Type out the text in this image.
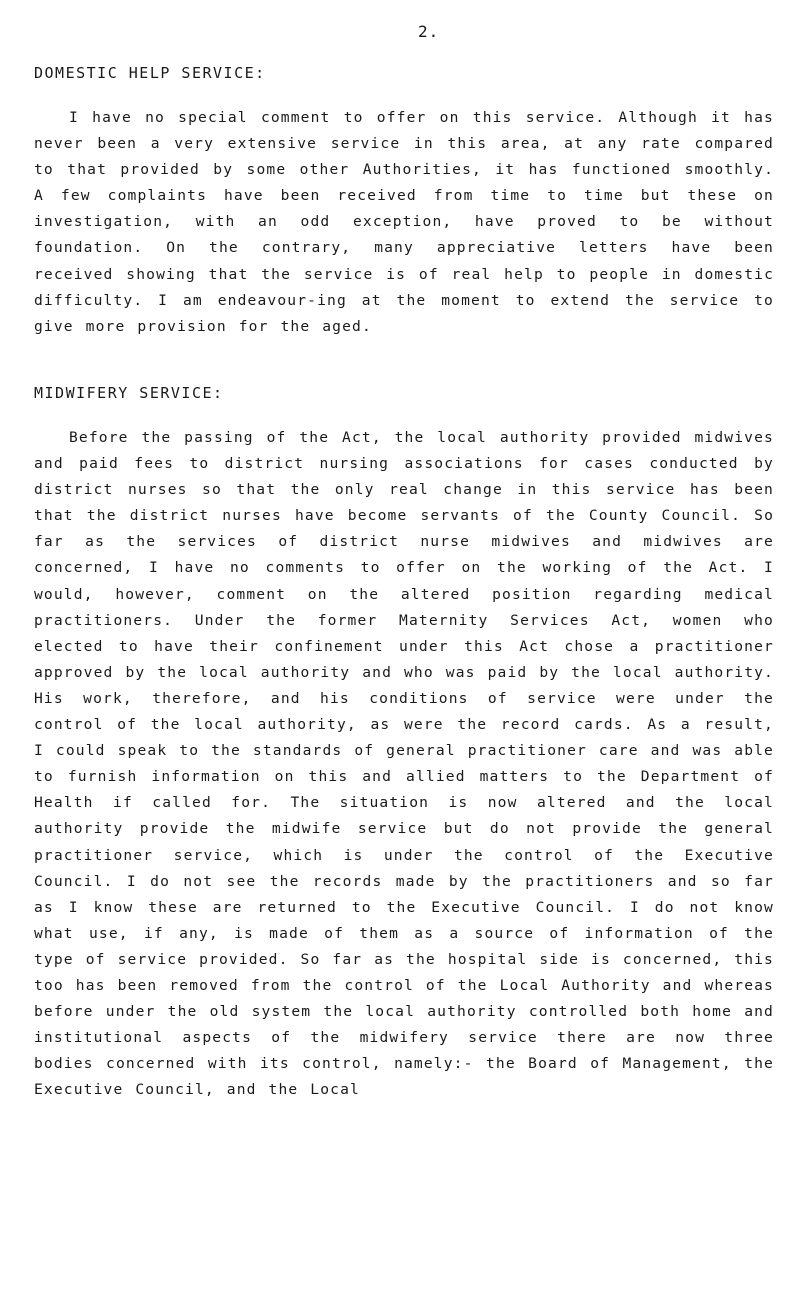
2.
DOMESTIC HELP SERVICE:

I have no special comment to offer on this service. Although it has never been a very extensive service in this area, at any rate compared to that provided by some other Authorities, it has functioned smoothly. A few complaints have been received from time to time but these on investigation, with an odd exception, have proved to be without foundation. On the contrary, many appreciative letters have been received showing that the service is of real help to people in domestic difficulty. I am endeavour-ing at the moment to extend the service to give more provision for the aged.

MIDWIFERY SERVICE:

Before the passing of the Act, the local authority provided midwives and paid fees to district nursing associations for cases conducted by district nurses so that the only real change in this service has been that the district nurses have become servants of the County Council. So far as the services of district nurse midwives and midwives are concerned, I have no comments to offer on the working of the Act. I would, however, comment on the altered position regarding medical practitioners. Under the former Maternity Services Act, women who elected to have their confinement under this Act chose a practitioner approved by the local authority and who was paid by the local authority. His work, therefore, and his conditions of service were under the control of the local authority, as were the record cards. As a result, I could speak to the standards of general practitioner care and was able to furnish information on this and allied matters to the Department of Health if called for. The situation is now altered and the local authority provide the midwife service but do not provide the general practitioner service, which is under the control of the Executive Council. I do not see the records made by the practitioners and so far as I know these are returned to the Executive Council. I do not know what use, if any, is made of them as a source of information of the type of service provided. So far as the hospital side is concerned, this too has been removed from the control of the Local Authority and whereas before under the old system the local authority controlled both home and institutional aspects of the midwifery service there are now three bodies concerned with its control, namely:- the Board of Management, the Executive Council, and the Local
